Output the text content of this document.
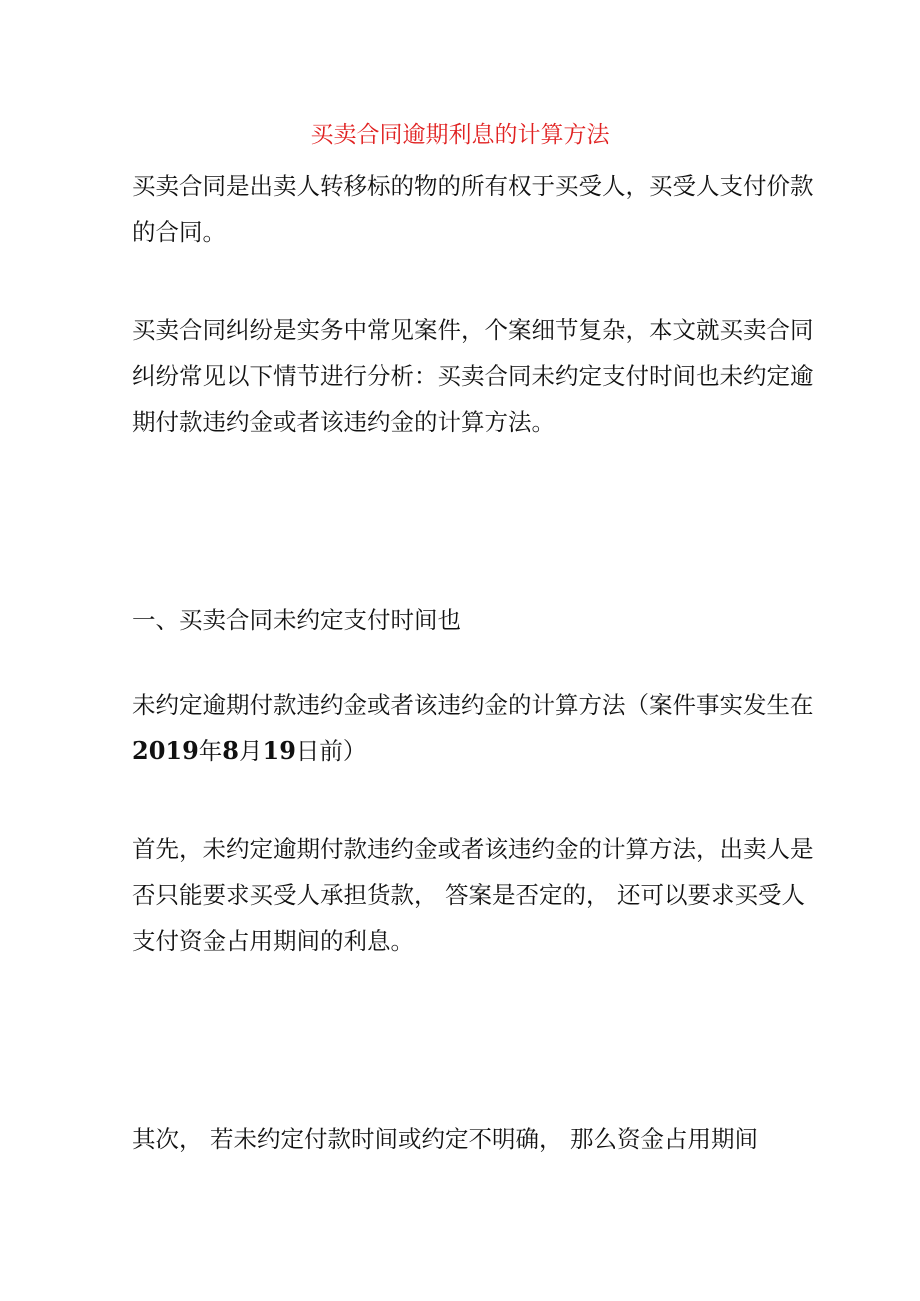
买卖合同逾期利息的计算方法

买卖合同是出卖人转移标的物的所有权于买受人，买受人支付价款
的合同。

买卖合同纠纷是实务中常见案件，个案细节复杂，本文就买卖合同
纠纷常见以下情节进行分析：买卖合同未约定支付时间也未约定逾
期付款违约金或者该违约金的计算方法。

一、买卖合同未约定支付时间也

未约定逾期付款违约金或者该违约金的计算方法（案件事实发生在
2019年8月19日前）

首先，未约定逾期付款违约金或者该违约金的计算方法，出卖人是
否只能要求买受人承担货款， 答案是否定的， 还可以要求买受人
支付资金占用期间的利息。

其次， 若未约定付款时间或约定不明确， 那么资金占用期间
